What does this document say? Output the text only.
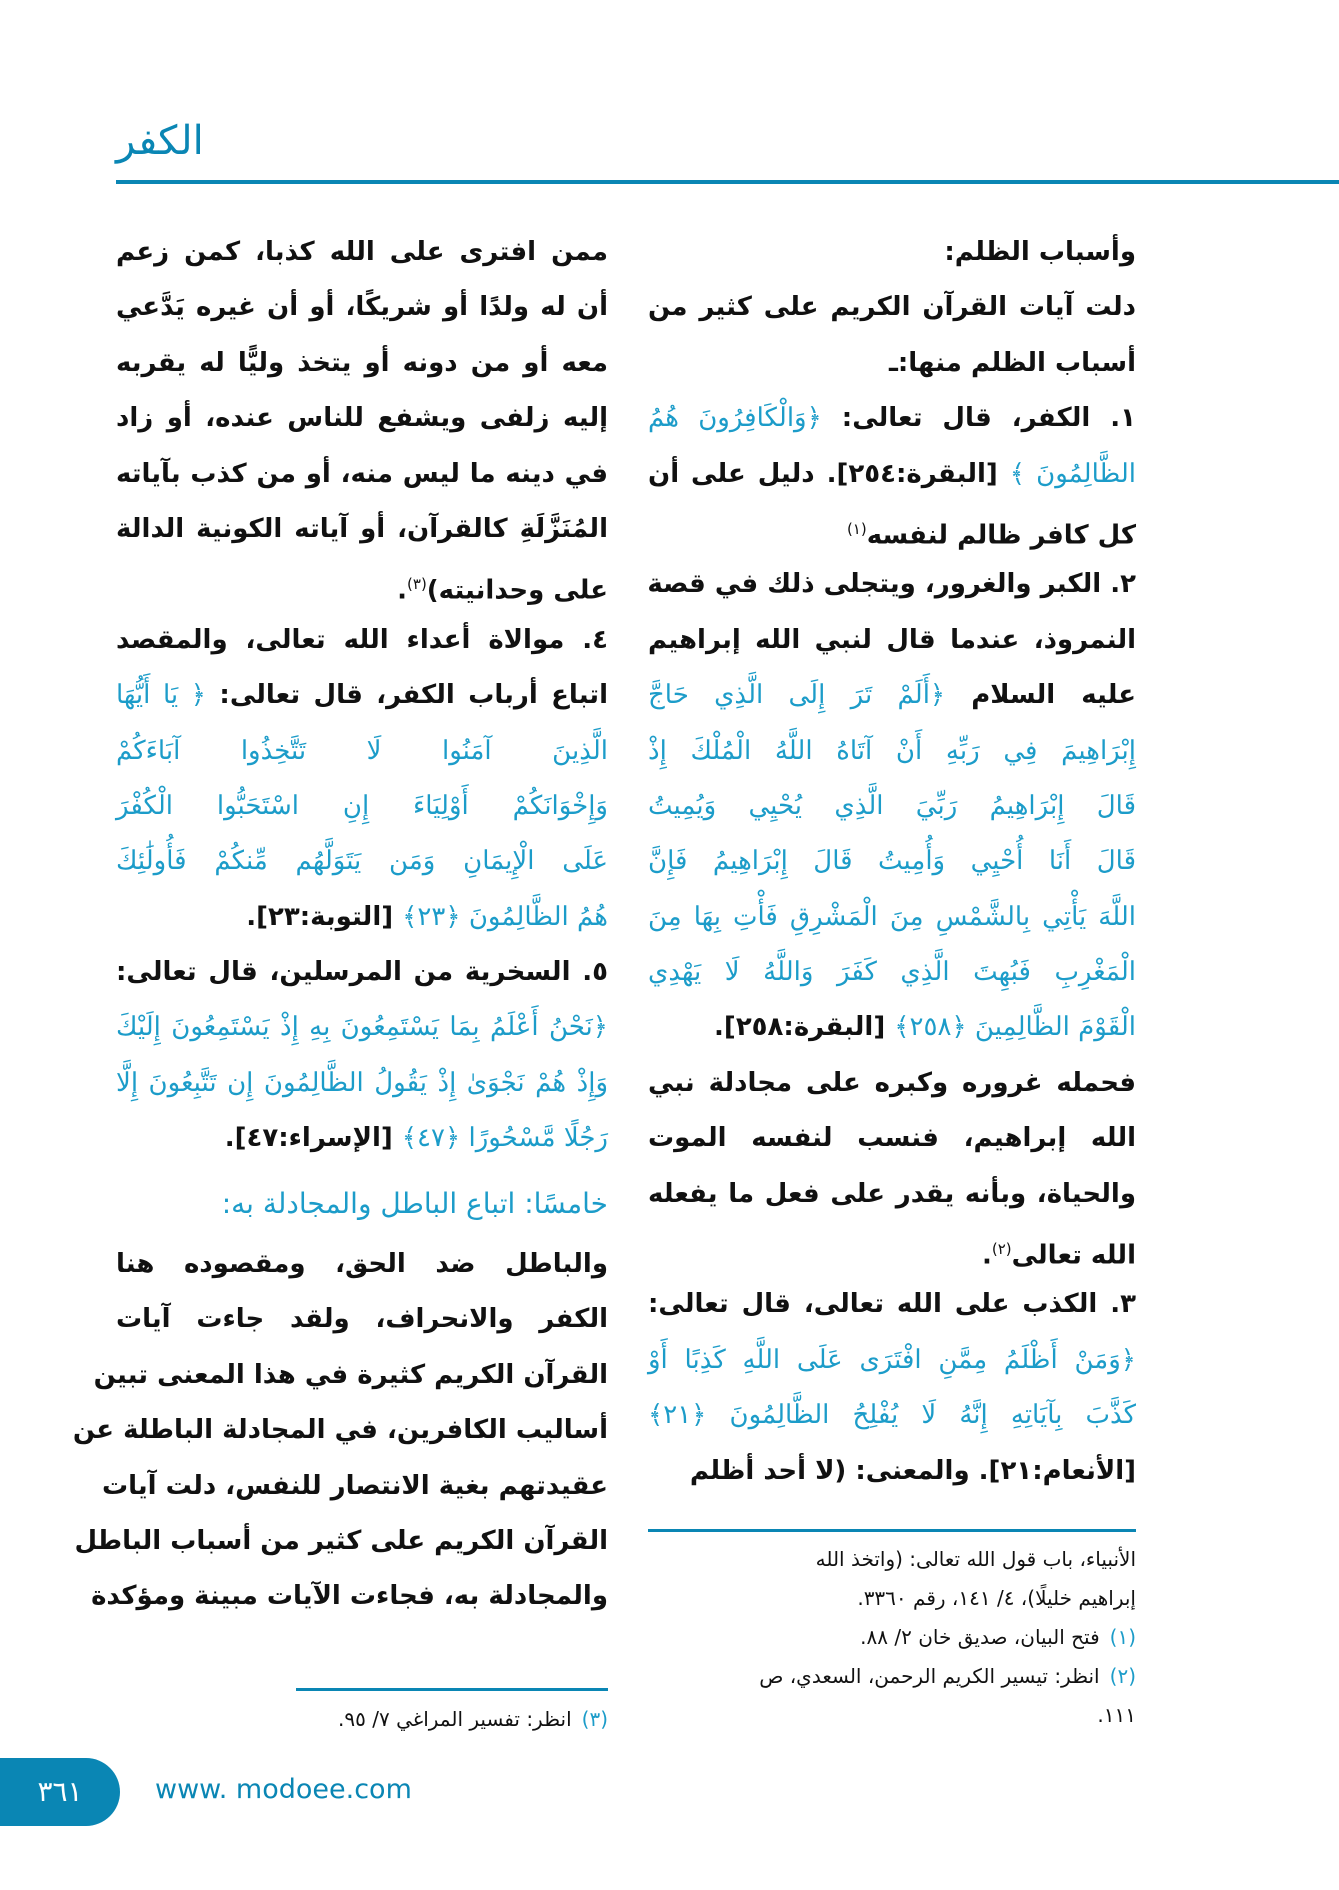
الكفر
وأسباب الظلم:
دلت آيات القرآن الكريم على كثير من
أسباب الظلم منها:ـ
١. الكفر، قال تعالى: ﴿وَالْكَافِرُونَ هُمُ
الظَّالِمُونَ ﴾ [البقرة:٢٥٤]. دليل على أن
كل كافر ظالم لنفسه$^{(١)}$
٢. الكبر والغرور، ويتجلى ذلك في قصة
النمروذ، عندما قال لنبي الله إبراهيم
عليه السلام ﴿أَلَمْ تَرَ إِلَى الَّذِي حَاجَّ
إِبْرَاهِيمَ فِي رَبِّهِ أَنْ آتَاهُ اللَّهُ الْمُلْكَ إِذْ
قَالَ إِبْرَاهِيمُ رَبِّيَ الَّذِي يُحْيِي وَيُمِيتُ
قَالَ أَنَا أُحْيِي وَأُمِيتُ قَالَ إِبْرَاهِيمُ فَإِنَّ
اللَّهَ يَأْتِي بِالشَّمْسِ مِنَ الْمَشْرِقِ فَأْتِ بِهَا مِنَ
الْمَغْرِبِ فَبُهِتَ الَّذِي كَفَرَ وَاللَّهُ لَا يَهْدِي
الْقَوْمَ الظَّالِمِينَ ﴿٢٥٨﴾ [البقرة:٢٥٨].
فحمله غروره وكبره على مجادلة نبي
الله إبراهيم، فنسب لنفسه الموت
والحياة، وبأنه يقدر على فعل ما يفعله
الله تعالى$^{(٢)}$.
٣. الكذب على الله تعالى، قال تعالى:
﴿وَمَنْ أَظْلَمُ مِمَّنِ افْتَرَى عَلَى اللَّهِ كَذِبًا أَوْ
كَذَّبَ بِآيَاتِهِ إِنَّهُ لَا يُفْلِحُ الظَّالِمُونَ ﴿٢١﴾
[الأنعام:٢١]. والمعنى: (لا أحد أظلم
ممن افترى على الله كذبا، كمن زعم
أن له ولدًا أو شريكًا، أو أن غيره يَدَّعي
معه أو من دونه أو يتخذ وليًّا له يقربه
إليه زلفى ويشفع للناس عنده، أو زاد
في دينه ما ليس منه، أو من كذب بآياته
المُنَزَّلَةِ كالقرآن، أو آياته الكونية الدالة
على وحدانيته)$^{(٣)}$.
٤. موالاة أعداء الله تعالى، والمقصد
اتباع أرباب الكفر، قال تعالى: ﴿ يَا أَيُّهَا
الَّذِينَ آمَنُوا لَا تَتَّخِذُوا آبَاءَكُمْ
وَإِخْوَانَكُمْ أَوْلِيَاءَ إِنِ اسْتَحَبُّوا الْكُفْرَ
عَلَى الْإِيمَانِ وَمَن يَتَوَلَّهُم مِّنكُمْ فَأُولَٰئِكَ
هُمُ الظَّالِمُونَ ﴿٢٣﴾ [التوبة:٢٣].
٥. السخرية من المرسلين، قال تعالى:
﴿نَحْنُ أَعْلَمُ بِمَا يَسْتَمِعُونَ بِهِ إِذْ يَسْتَمِعُونَ إِلَيْكَ
وَإِذْ هُمْ نَجْوَىٰ إِذْ يَقُولُ الظَّالِمُونَ إِن تَتَّبِعُونَ إِلَّا
رَجُلًا مَّسْحُورًا ﴿٤٧﴾ [الإسراء:٤٧].
خامسًا: اتباع الباطل والمجادلة به:
والباطل ضد الحق، ومقصوده هنا
الكفر والانحراف، ولقد جاءت آيات
القرآن الكريم كثيرة في هذا المعنى تبين
أساليب الكافرين، في المجادلة الباطلة عن
عقيدتهم بغية الانتصار للنفس، دلت آيات
القرآن الكريم على كثير من أسباب الباطل
والمجادلة به، فجاءت الآيات مبينة ومؤكدة
الأنبياء، باب قول الله تعالى: (واتخذ الله
إبراهيم خليلًا)، ٤/ ١٤١، رقم ٣٣٦٠.
(١)فتح البيان، صديق خان ٢/ ٨٨.
(٢)انظر: تيسير الكريم الرحمن، السعدي، ص
١١١.
(٣)انظر: تفسير المراغي ٧/ ٩٥.
٣٦١	www. modoee.com
